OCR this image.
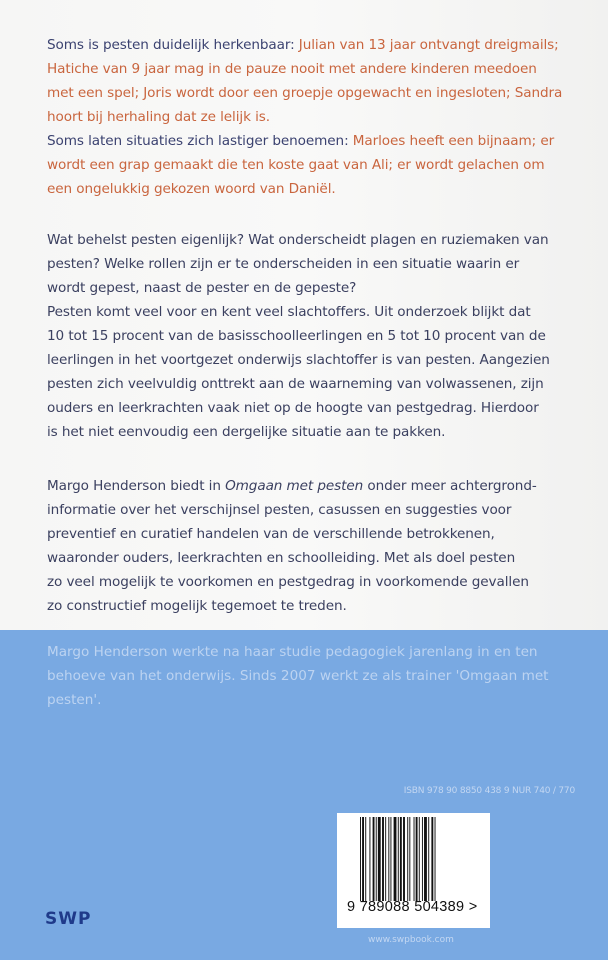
Soms is pesten duidelijk herkenbaar: Julian van 13 jaar ontvangt dreigmails;
Hatiche van 9 jaar mag in de pauze nooit met andere kinderen meedoen
met een spel; Joris wordt door een groepje opgewacht en ingesloten; Sandra
hoort bij herhaling dat ze lelijk is.
Soms laten situaties zich lastiger benoemen: Marloes heeft een bijnaam; er
wordt een grap gemaakt die ten koste gaat van Ali; er wordt gelachen om
een ongelukkig gekozen woord van Daniël.
Wat behelst pesten eigenlijk? Wat onderscheidt plagen en ruziemaken van
pesten? Welke rollen zijn er te onderscheiden in een situatie waarin er
wordt gepest, naast de pester en de gepeste?
Pesten komt veel voor en kent veel slachtoffers. Uit onderzoek blijkt dat
10 tot 15 procent van de basisschoolleerlingen en 5 tot 10 procent van de
leerlingen in het voortgezet onderwijs slachtoffer is van pesten. Aangezien
pesten zich veelvuldig onttrekt aan de waarneming van volwassenen, zijn
ouders en leerkrachten vaak niet op de hoogte van pestgedrag. Hierdoor
is het niet eenvoudig een dergelijke situatie aan te pakken.
Margo Henderson biedt in Omgaan met pesten onder meer achtergrond-
informatie over het verschijnsel pesten, casussen en suggesties voor
preventief en curatief handelen van de verschillende betrokkenen,
waaronder ouders, leerkrachten en schoolleiding. Met als doel pesten
zo veel mogelijk te voorkomen en pestgedrag in voorkomende gevallen
zo constructief mogelijk tegemoet te treden.
Margo Henderson werkte na haar studie pedagogiek jarenlang in en ten
behoeve van het onderwijs. Sinds 2007 werkt ze als trainer 'Omgaan met
pesten'.
ISBN 978 90 8850 438 9 NUR 740 / 770
9 789088 504389 >
www.swpbook.com
SWP
